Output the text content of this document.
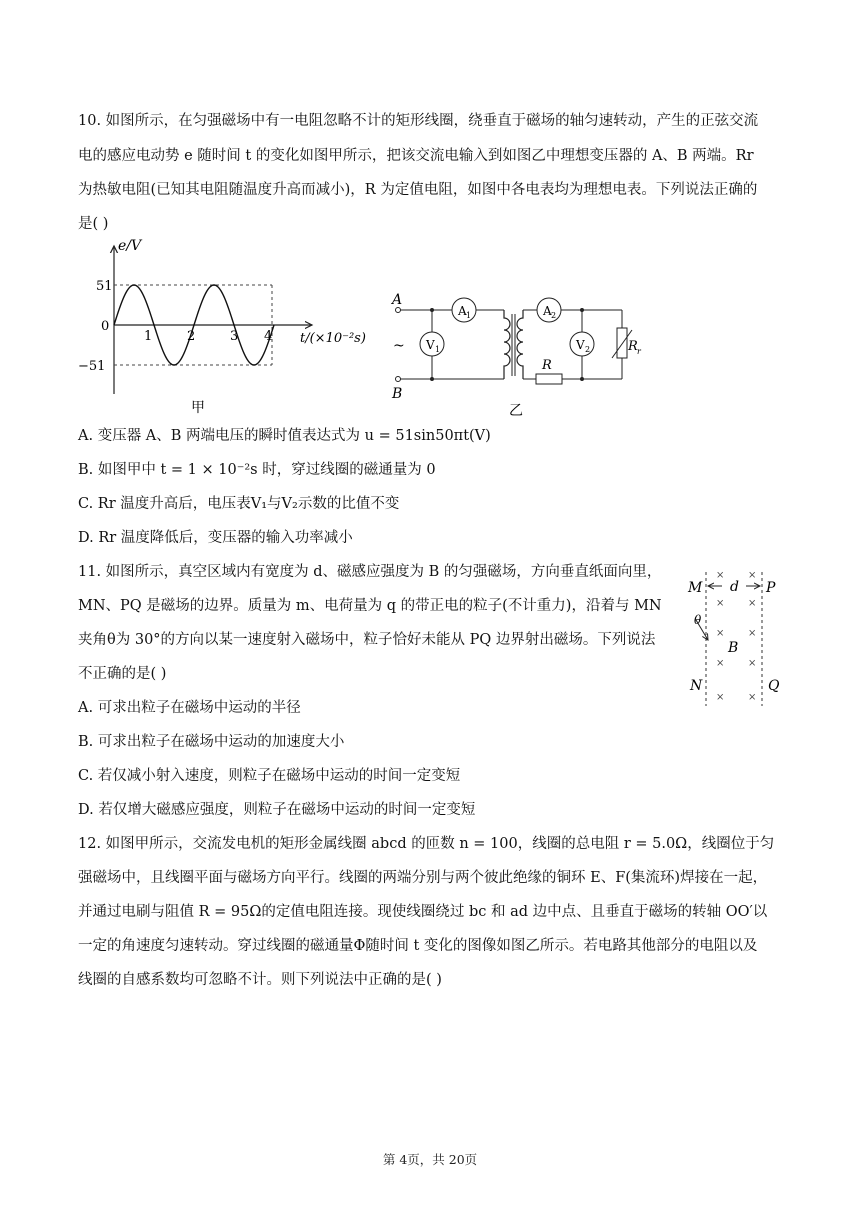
10. 如图所示，在匀强磁场中有一电阻忽略不计的矩形线圈，绕垂直于磁场的轴匀速转动，产生的正弦交流
电的感应电动势 e 随时间 t 的变化如图甲所示，把该交流电输入到如图乙中理想变压器的 A、B 两端。Rr
为热敏电阻(已知其电阻随温度升高而减小)，R 为定值电阻，如图中各电表均为理想电表。下列说法正确的
是( )
e/V
51
0
−51
1	2	3 4 t/(×10⁻²s)
甲
A
B
~
A 1
V 1
A 2
R
V 2	R r
乙
A. 变压器 A、B 两端电压的瞬时值表达式为 u = 51sin50πt(V)
B. 如图甲中 t = 1 × 10⁻²s 时，穿过线圈的磁通量为 0
C. Rr 温度升高后，电压表V₁与V₂示数的比值不变
D. Rr 温度降低后，变压器的输入功率减小
11. 如图所示，真空区域内有宽度为 d、磁感应强度为 B 的匀强磁场，方向垂直纸面向里，
MN、PQ 是磁场的边界。质量为 m、电荷量为 q 的带正电的粒子(不计重力)，沿着与 MN
夹角θ为 30°的方向以某一速度射入磁场中，粒子恰好未能从 PQ 边界射出磁场。下列说法
不正确的是( )
M
N
P
Q
d
× ×
× ×
× ×
× ×
× ×
θ
B
A. 可求出粒子在磁场中运动的半径
B. 可求出粒子在磁场中运动的加速度大小
C. 若仅减小射入速度，则粒子在磁场中运动的时间一定变短
D. 若仅增大磁感应强度，则粒子在磁场中运动的时间一定变短
12. 如图甲所示，交流发电机的矩形金属线圈 abcd 的匝数 n = 100，线圈的总电阻 r = 5.0Ω，线圈位于匀
强磁场中，且线圈平面与磁场方向平行。线圈的两端分别与两个彼此绝缘的铜环 E、F(集流环)焊接在一起，
并通过电刷与阻值 R = 95Ω的定值电阻连接。现使线圈绕过 bc 和 ad 边中点、且垂直于磁场的转轴 OO′以
一定的角速度匀速转动。穿过线圈的磁通量Φ随时间 t 变化的图像如图乙所示。若电路其他部分的电阻以及
线圈的自感系数均可忽略不计。则下列说法中正确的是( )
第 4页，共 20页
